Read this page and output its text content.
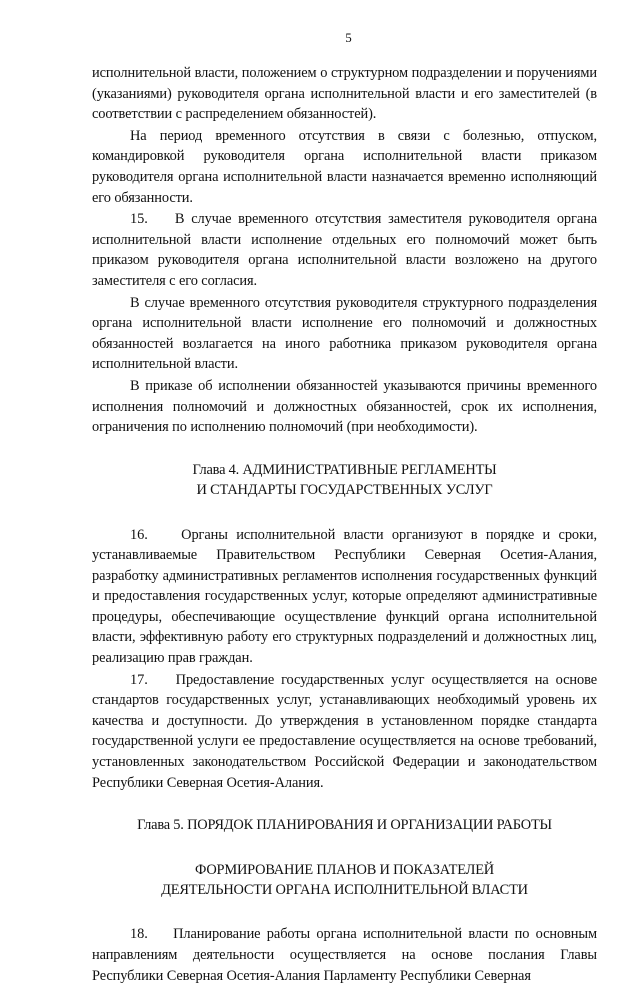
5

исполнительной власти, положением о структурном подразделении и поручениями (указаниями) руководителя органа исполнительной власти и его заместителей (в соответствии с распределением обязанностей).

На период временного отсутствия в связи с болезнью, отпуском, командировкой руководителя органа исполнительной власти приказом руководителя органа исполнительной власти назначается временно исполняющий его обязанности.

15.    В случае временного отсутствия заместителя руководителя органа исполнительной власти исполнение отдельных его полномочий может быть приказом руководителя органа исполнительной власти возложено на другого заместителя с его согласия.

В случае временного отсутствия руководителя структурного подразделения органа исполнительной власти исполнение его полномочий и должностных обязанностей возлагается на иного работника приказом руководителя органа исполнительной власти.

В приказе об исполнении обязанностей указываются причины временного исполнения полномочий и должностных обязанностей, срок их исполнения, ограничения по исполнению полномочий (при необходимости).

Глава 4. АДМИНИСТРАТИВНЫЕ РЕГЛАМЕНТЫ
И СТАНДАРТЫ ГОСУДАРСТВЕННЫХ УСЛУГ

16.    Органы исполнительной власти организуют в порядке и сроки, устанавливаемые Правительством Республики Северная Осетия-Алания, разработку административных регламентов исполнения государственных функций и предоставления государственных услуг, которые определяют административные процедуры, обеспечивающие осуществление функций органа исполнительной власти, эффективную работу его структурных подразделений и должностных лиц, реализацию прав граждан.

17.    Предоставление государственных услуг осуществляется на основе стандартов государственных услуг, устанавливающих необходимый уровень их качества и доступности. До утверждения в установленном порядке стандарта государственной услуги ее предоставление осуществляется на основе требований, установленных законодательством Российской Федерации и законодательством Республики Северная Осетия-Алания.

Глава 5. ПОРЯДОК ПЛАНИРОВАНИЯ И ОРГАНИЗАЦИИ РАБОТЫ
ФОРМИРОВАНИЕ ПЛАНОВ И ПОКАЗАТЕЛЕЙ
ДЕЯТЕЛЬНОСТИ ОРГАНА ИСПОЛНИТЕЛЬНОЙ ВЛАСТИ

18.    Планирование работы органа исполнительной власти по основным направлениям деятельности осуществляется на основе послания Главы Республики Северная Осетия-Алания Парламенту Республики Северная
